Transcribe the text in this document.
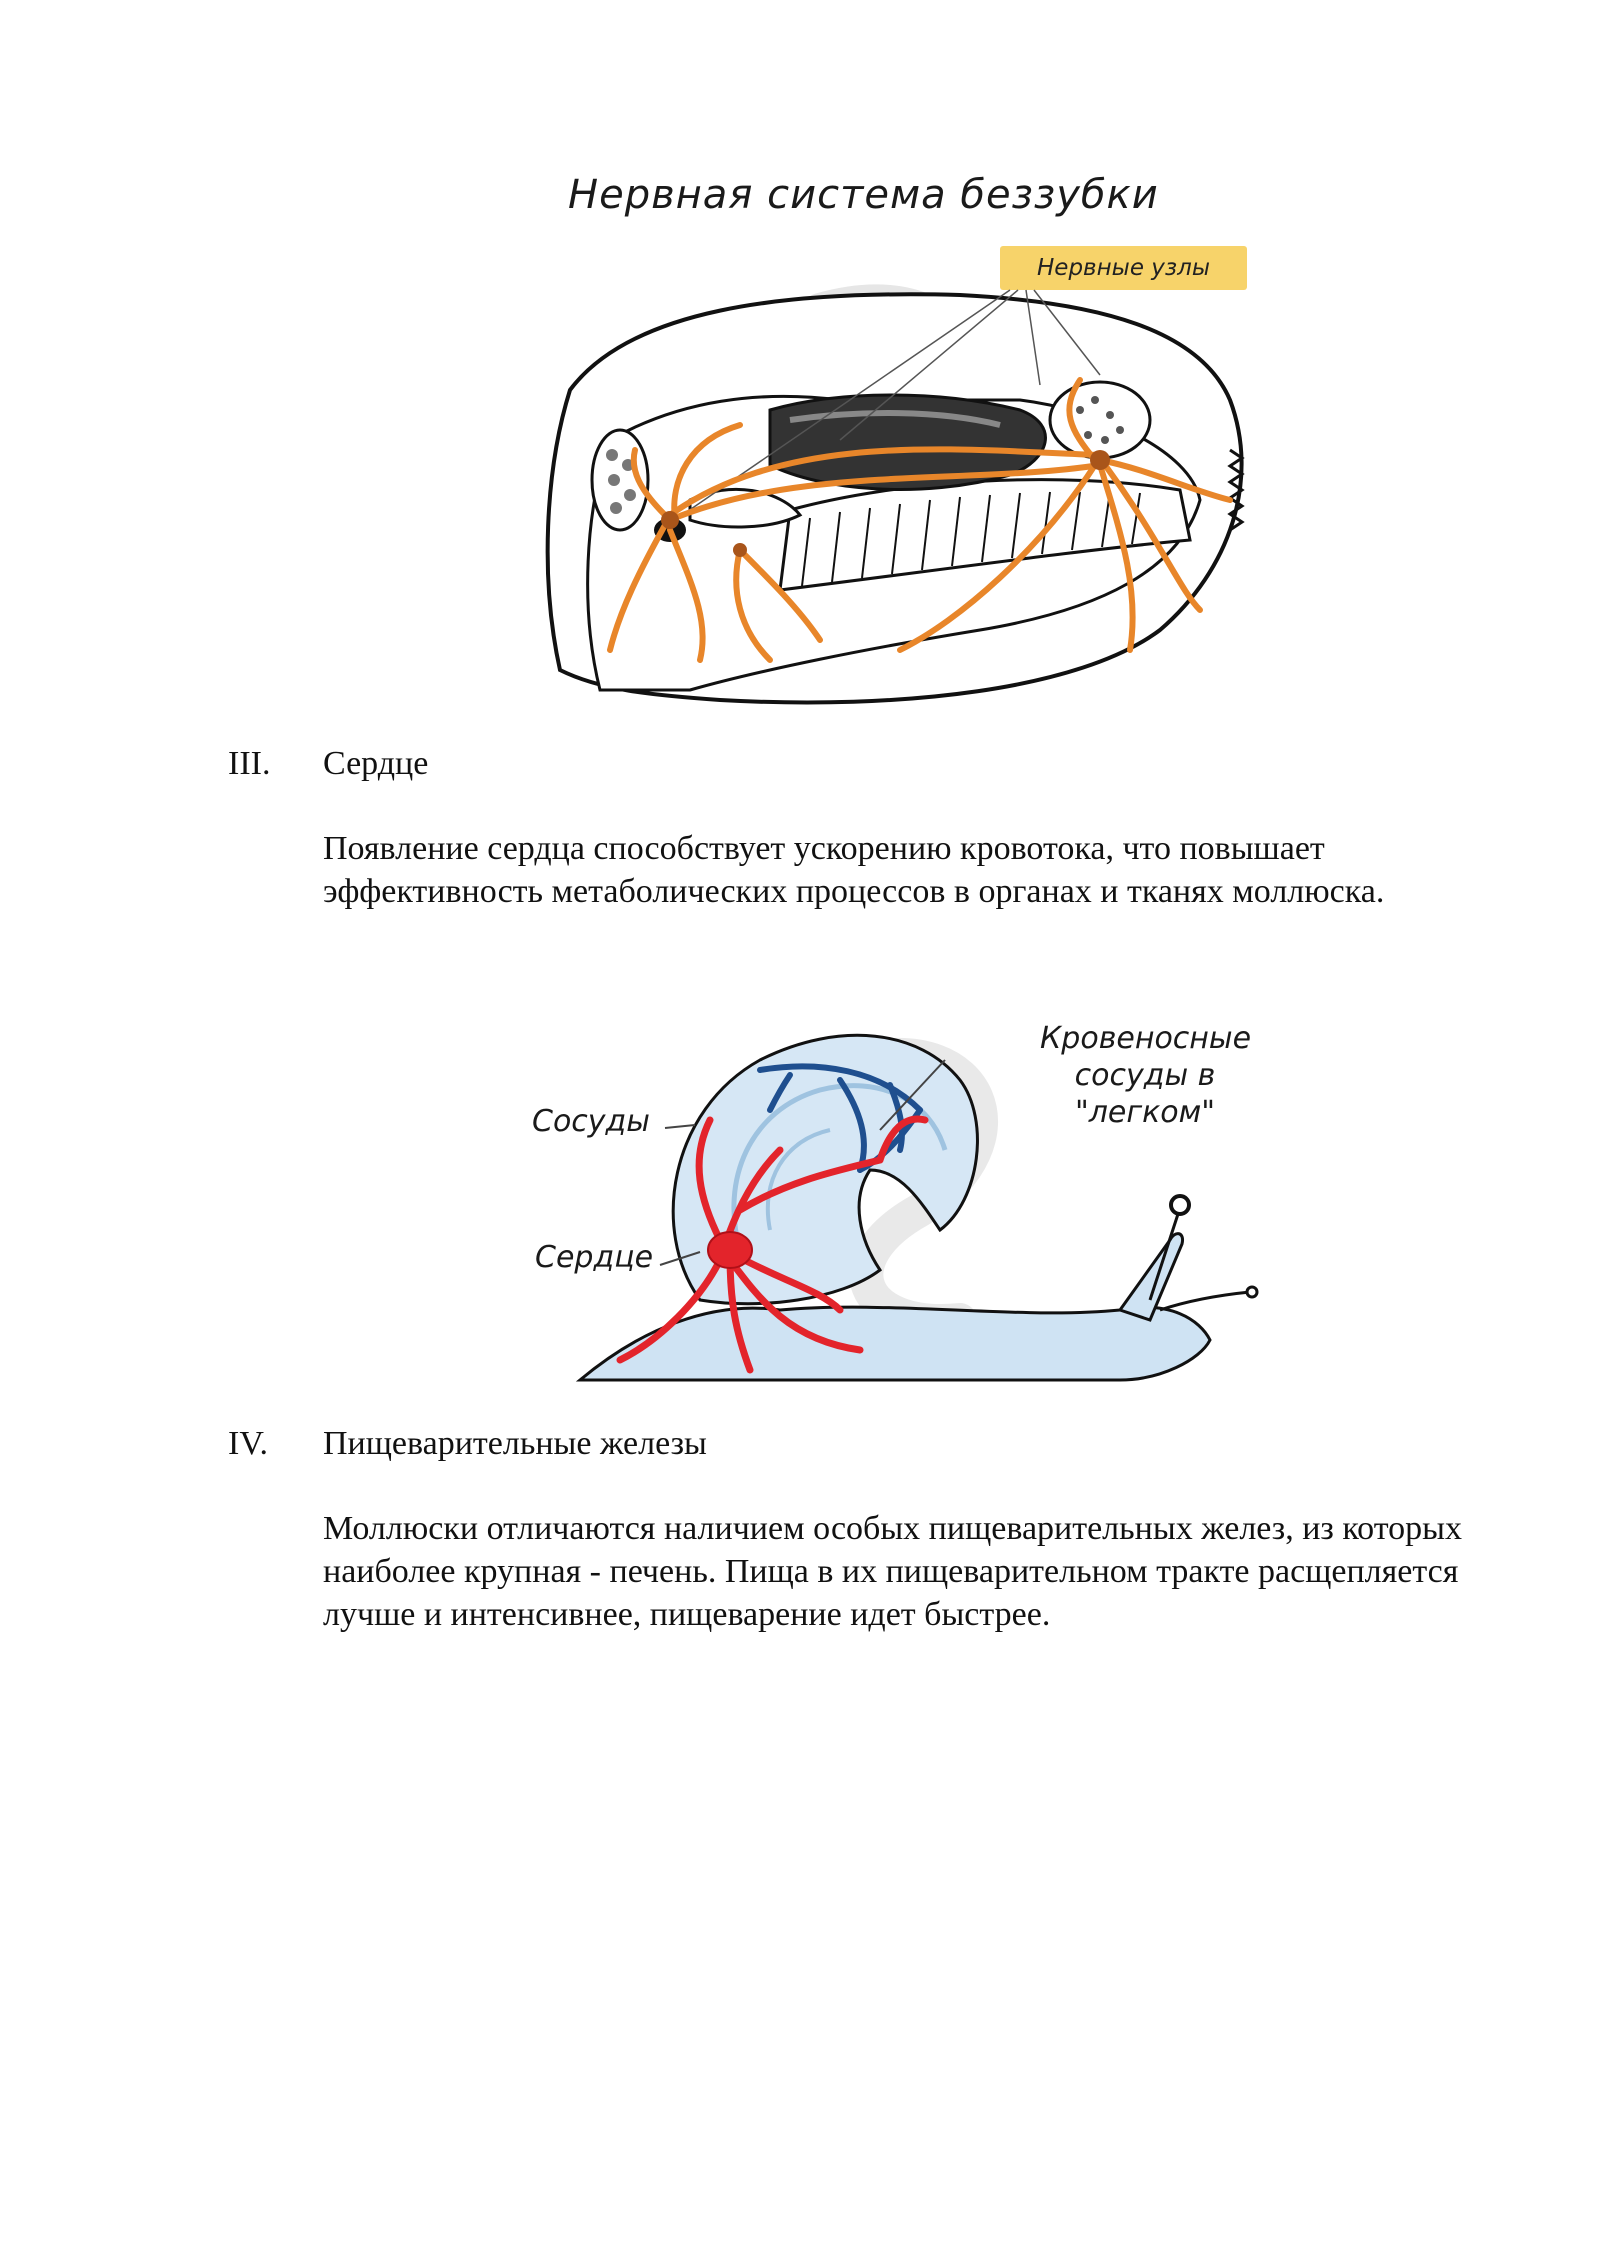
Нервная система беззубки
Нервные узлы
III. Сердце
Появление сердца способствует ускорению кровотока, что повышает эффективность метаболических процессов в органах и тканях моллюска.
Сосуды
Сердце
Кровеносные
сосуды в
"легком"
IV. Пищеварительные железы
Моллюски отличаются наличием особых пищеварительных желез, из которых наиболее крупная - печень. Пища в их пищеварительном тракте расщепляется лучше и интенсивнее, пищеварение идет быстрее.
